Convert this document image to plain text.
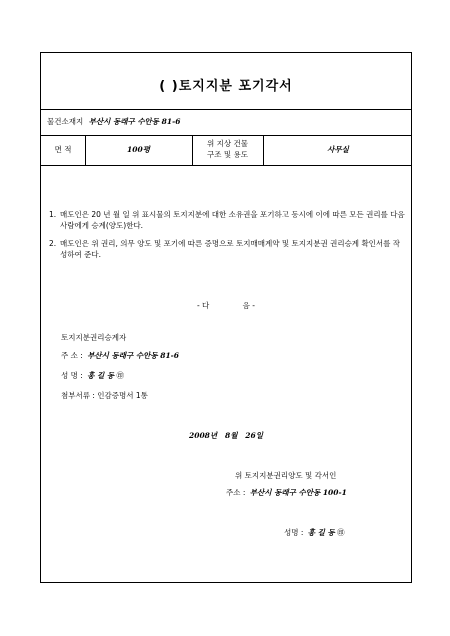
( )토지지분 포기각서
물건소재지 부산시 동래구 수안동 81-6
면 적	100평
위 지상 건물
구조 및 용도
사무실
1. 매도인은 20 년 월 일 위 표시물의 토지지분에 대한 소유권을 포기하고 동시에 이에 따른 모든 권리를 다음 사람에게 승계(양도)한다.
2. 매도인은 위 권리, 의무 양도 및 포기에 따른 증명으로 토지매매계약 및 토지지분권 권리승계 확인서를 작성하여 준다.
- 다              음 -
토지지분권리승계자
주 소 : 부산시 동래구 수안동 81-6
성 명 : 홍 길 동 ㊞
첨부서류 : 인감증명서 1통
2008년   8월   26일
위 토지지분권리양도 및 각서인
주소 : 부산시 동래구 수안동 100-1
성명 : 홍 길 동 ㊞
